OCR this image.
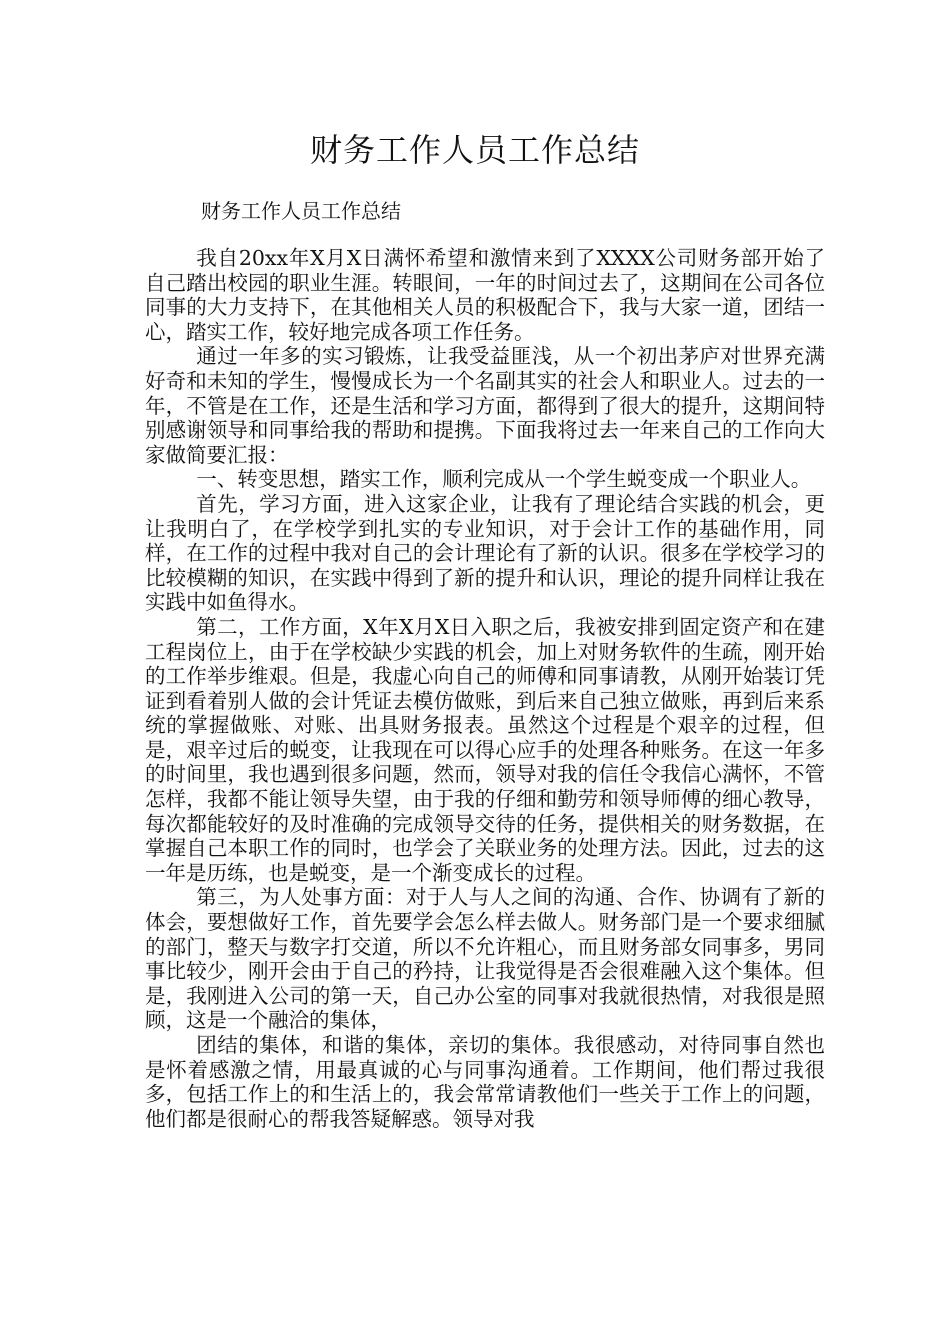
财务工作人员工作总结
财务工作人员工作总结

我自20xx年X月X日满怀希望和激情来到了XXXX公司财务部开始了自己踏出校园的职业生涯。转眼间，一年的时间过去了，这期间在公司各位同事的大力支持下，在其他相关人员的积极配合下，我与大家一道，团结一心，踏实工作，较好地完成各项工作任务。

通过一年多的实习锻炼，让我受益匪浅，从一个初出茅庐对世界充满好奇和未知的学生，慢慢成长为一个名副其实的社会人和职业人。过去的一年，不管是在工作，还是生活和学习方面，都得到了很大的提升，这期间特别感谢领导和同事给我的帮助和提携。下面我将过去一年来自己的工作向大家做简要汇报：

一、转变思想，踏实工作，顺利完成从一个学生蜕变成一个职业人。

首先，学习方面，进入这家企业，让我有了理论结合实践的机会，更让我明白了，在学校学到扎实的专业知识，对于会计工作的基础作用，同样，在工作的过程中我对自己的会计理论有了新的认识。很多在学校学习的比较模糊的知识，在实践中得到了新的提升和认识，理论的提升同样让我在实践中如鱼得水。

第二，工作方面，X年X月X日入职之后，我被安排到固定资产和在建工程岗位上，由于在学校缺少实践的机会，加上对财务软件的生疏，刚开始的工作举步维艰。但是，我虚心向自己的师傅和同事请教，从刚开始装订凭证到看着别人做的会计凭证去模仿做账，到后来自己独立做账，再到后来系统的掌握做账、对账、出具财务报表。虽然这个过程是个艰辛的过程，但是，艰辛过后的蜕变，让我现在可以得心应手的处理各种账务。在这一年多的时间里，我也遇到很多问题，然而，领导对我的信任令我信心满怀，不管怎样，我都不能让领导失望，由于我的仔细和勤劳和领导师傅的细心教导，每次都能较好的及时准确的完成领导交待的任务，提供相关的财务数据，在掌握自己本职工作的同时，也学会了关联业务的处理方法。因此，过去的这一年是历练，也是蜕变，是一个渐变成长的过程。

第三，为人处事方面：对于人与人之间的沟通、合作、协调有了新的体会，要想做好工作，首先要学会怎么样去做人。财务部门是一个要求细腻的部门，整天与数字打交道，所以不允许粗心，而且财务部女同事多，男同事比较少，刚开会由于自己的矜持，让我觉得是否会很难融入这个集体。但是，我刚进入公司的第一天，自己办公室的同事对我就很热情，对我很是照顾，这是一个融洽的集体，

团结的集体，和谐的集体，亲切的集体。我很感动，对待同事自然也是怀着感激之情，用最真诚的心与同事沟通着。工作期间，他们帮过我很多，包括工作上的和生活上的，我会常常请教他们一些关于工作上的问题，他们都是很耐心的帮我答疑解惑。领导对我
